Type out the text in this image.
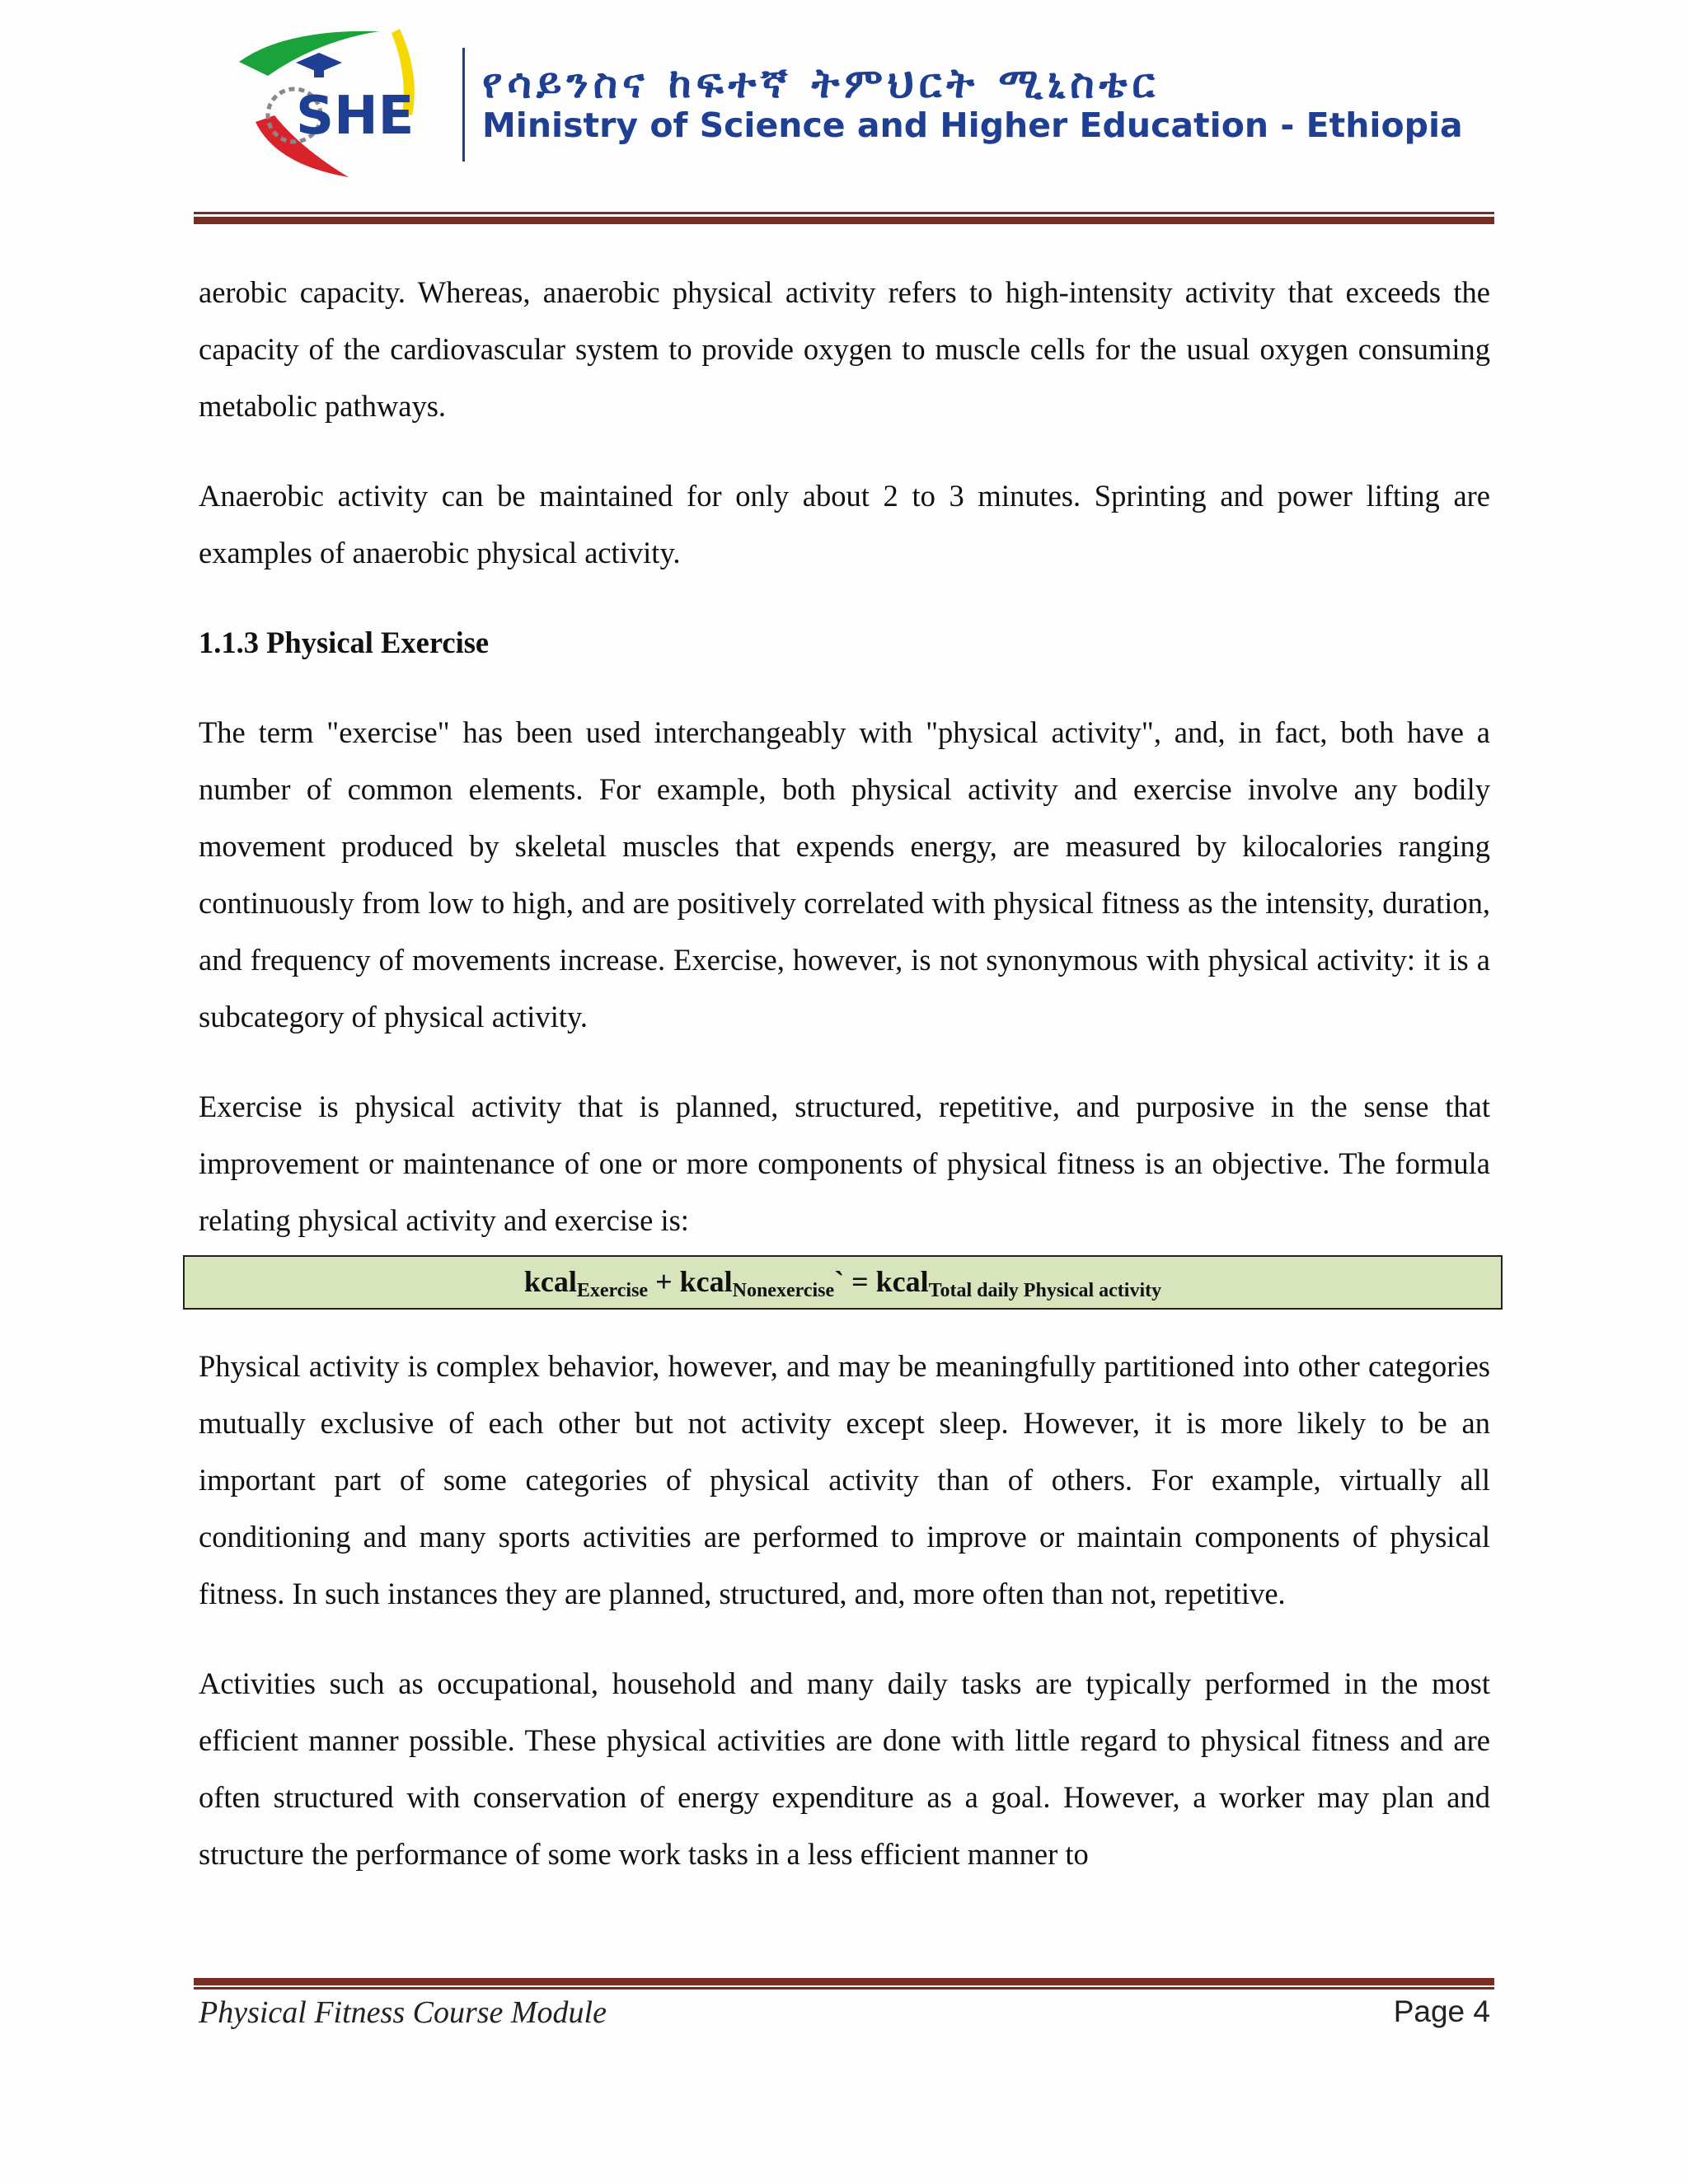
SHE
የሳይንስና ከፍተኛ ትምህርት ሚኒስቴር
Ministry of Science and Higher Education - Ethiopia

aerobic capacity. Whereas, anaerobic physical activity refers to high-intensity activity that exceeds the capacity of the cardiovascular system to provide oxygen to muscle cells for the usual oxygen consuming metabolic pathways.

Anaerobic activity can be maintained for only about 2 to 3 minutes. Sprinting and power lifting are examples of anaerobic physical activity.

1.1.3 Physical Exercise

The term "exercise" has been used interchangeably with "physical activity", and, in fact, both have a number of common elements. For example, both physical activity and exercise involve any bodily movement produced by skeletal muscles that expends energy, are measured by kilocalories ranging continuously from low to high, and are positively correlated with physical fitness as the intensity, duration, and frequency of movements increase. Exercise, however, is not synonymous with physical activity: it is a subcategory of physical activity.

Exercise is physical activity that is planned, structured, repetitive, and purposive in the sense that improvement or maintenance of one or more components of physical fitness is an objective. The formula relating physical activity and exercise is:

kcal$_{Exercise}$ + kcal$_{Nonexercise}$` = kcal$_{Total daily Physical activity}$

Physical activity is complex behavior, however, and may be meaningfully partitioned into other categories mutually exclusive of each other but not activity except sleep. However, it is more likely to be an important part of some categories of physical activity than of others. For example, virtually all conditioning and many sports activities are performed to improve or maintain components of physical fitness. In such instances they are planned, structured, and, more often than not, repetitive.

Activities such as occupational, household and many daily tasks are typically performed in the most efficient manner possible. These physical activities are done with little regard to physical fitness and are often structured with conservation of energy expenditure as a goal. However, a worker may plan and structure the performance of some work tasks in a less efficient manner to

Physical Fitness Course Module	Page 4
